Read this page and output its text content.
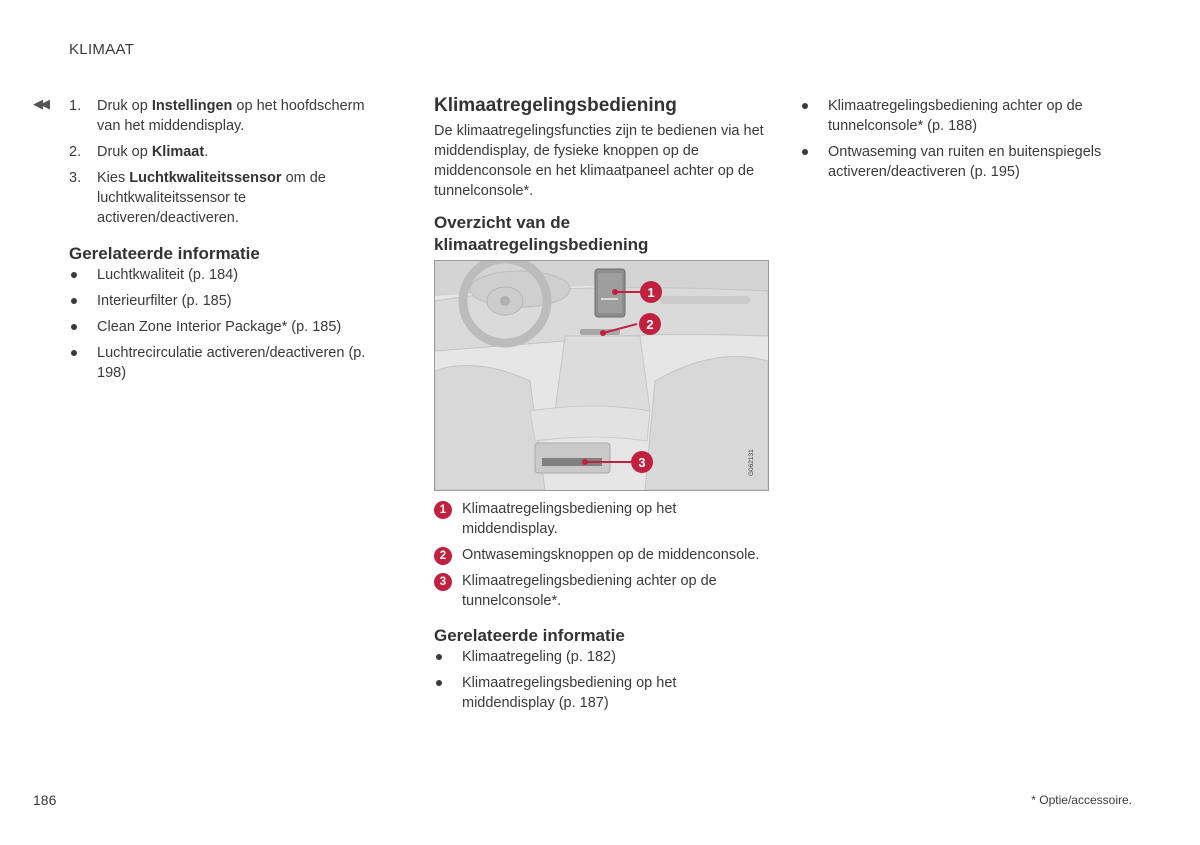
KLIMAAT
◀◀ 1. Druk op Instellingen op het hoofdscherm van het middendisplay.
2. Druk op Klimaat.
3. Kies Luchtkwaliteitssensor om de luchtkwaliteitssensor te activeren/deactiveren.
Gerelateerde informatie
Luchtkwaliteit (p. 184)
Interieurfilter (p. 185)
Clean Zone Interior Package* (p. 185)
Luchtrecirculatie activeren/deactiveren (p. 198)
Klimaatregelingsbediening

De klimaatregelingsfuncties zijn te bedienen via het middendisplay, de fysieke knoppen op de middenconsole en het klimaatpaneel achter op de tunnelconsole*.

Overzicht van de klimaatregelingsbediening
1
2
3	G062131
1	Klimaatregelingsbediening op het middendisplay.
2	Ontwasemingsknoppen op de middenconsole.
3	Klimaatregelingsbediening achter op de tunnelconsole*.
Gerelateerde informatie
Klimaatregeling (p. 182)
Klimaatregelingsbediening op het middendisplay (p. 187)
Klimaatregelingsbediening achter op de tunnelconsole* (p. 188)
Ontwaseming van ruiten en buitenspiegels activeren/deactiveren (p. 195)
186	* Optie/accessoire.
